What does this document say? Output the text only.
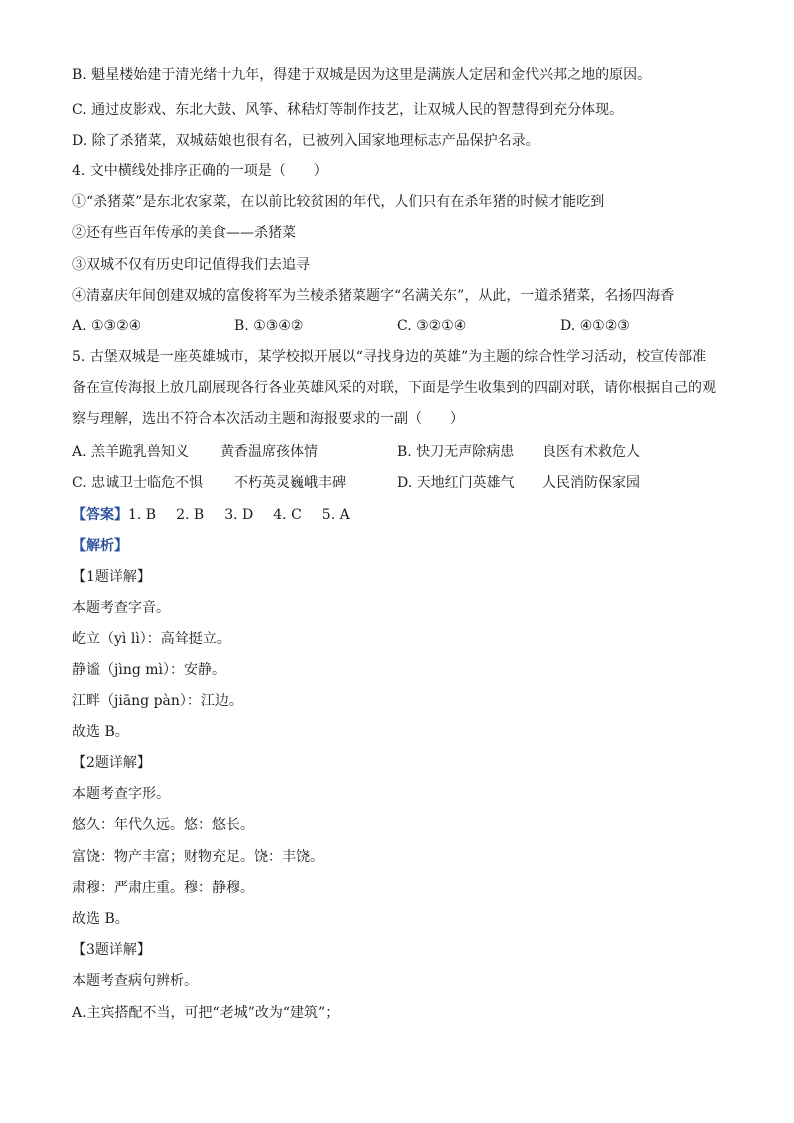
B. 魁星楼始建于清光绪十九年，得建于双城是因为这里是满族人定居和金代兴邦之地的原因。
C. 通过皮影戏、东北大鼓、风筝、秫秸灯等制作技艺，让双城人民的智慧得到充分体现。
D. 除了杀猪菜，双城菇娘也很有名，已被列入国家地理标志产品保护名录。
4. 文中横线处排序正确的一项是（　　）
①“杀猪菜”是东北农家菜，在以前比较贫困的年代，人们只有在杀年猪的时候才能吃到
②还有些百年传承的美食——杀猪菜
③双城不仅有历史印记值得我们去追寻
④清嘉庆年间创建双城的富俊将军为兰棱杀猪菜题字“名满关东”，从此，一道杀猪菜，名扬四海香
A. ①③②④	B. ①③④②	C. ③②①④	D. ④①②③
5. 古堡双城是一座英雄城市，某学校拟开展以“寻找身边的英雄”为主题的综合性学习活动，校宣传部准
备在宣传海报上放几副展现各行各业英雄风采的对联，下面是学生收集到的四副对联，请你根据自己的观
察与理解，选出不符合本次活动主题和海报要求的一副（　　）
A. 羔羊跪乳兽知义 黄香温席孩体情	B. 快刀无声除病患 良医有术救危人
C. 忠诚卫士临危不惧 不朽英灵巍峨丰碑	D. 天地红门英雄气 人民消防保家园
【答案】1. B 2. B 3. D 4. C 5. A
【解析】
【1题详解】
本题考查字音。
屹立（yì lì）：高耸挺立。
静谧（jìng mì）：安静。
江畔（jiāng pàn）：江边。
故选 B。
【2题详解】
本题考查字形。
悠久：年代久远。悠：悠长。
富饶：物产丰富；财物充足。饶：丰饶。
肃穆：严肃庄重。穆：静穆。
故选 B。
【3题详解】
本题考查病句辨析。
A.主宾搭配不当，可把“老城”改为“建筑”；
